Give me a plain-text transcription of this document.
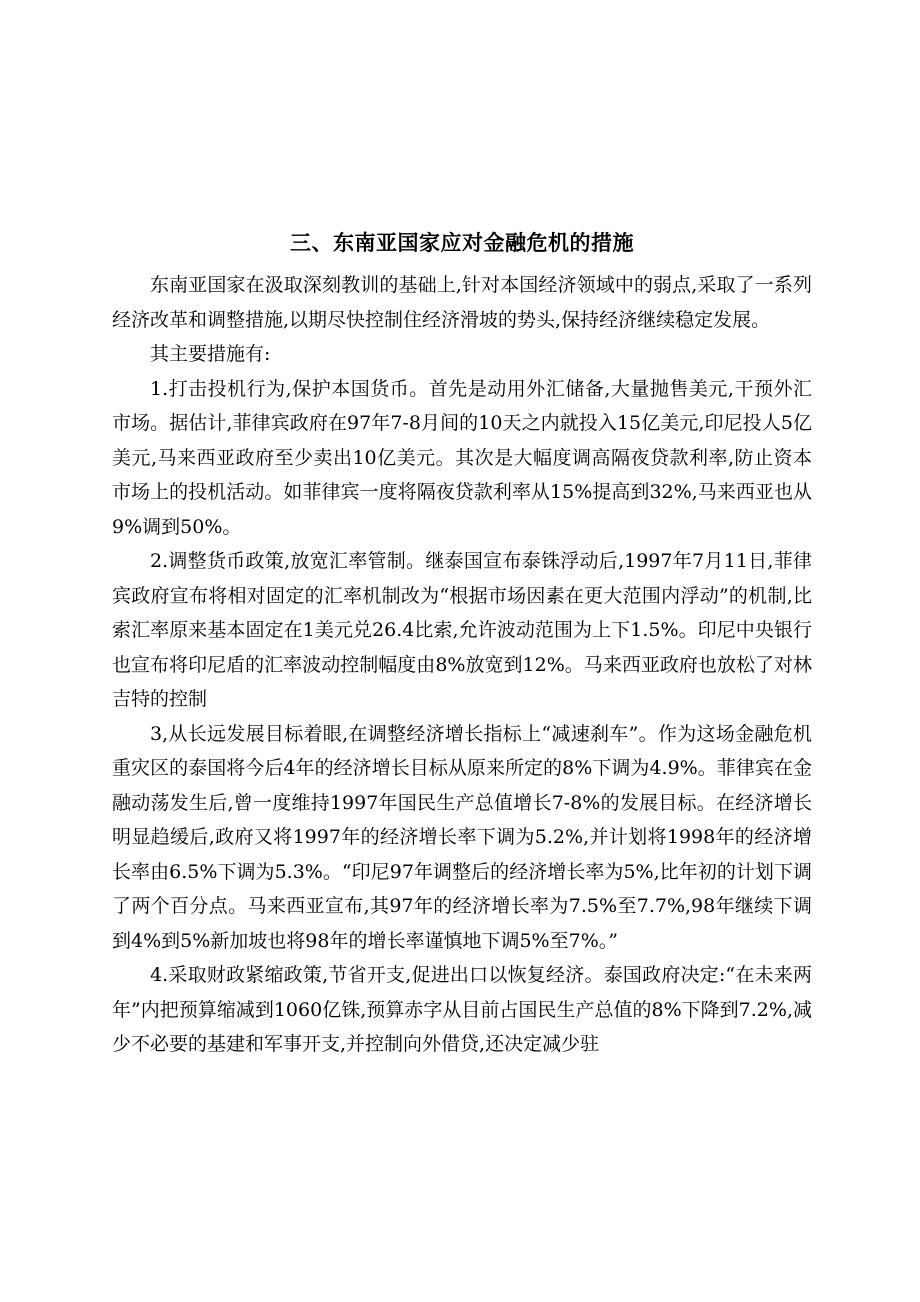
三、东南亚国家应对金融危机的措施

东南亚国家在汲取深刻教训的基础上,针对本国经济领域中的弱点,采取了一系列经济改革和调整措施,以期尽快控制住经济滑坡的势头,保持经济继续稳定发展。

其主要措施有:

1.打击投机行为,保护本国货币。首先是动用外汇储备,大量抛售美元,干预外汇市场。据估计,菲律宾政府在97年7-8月间的10天之内就投入15亿美元,印尼投人5亿美元,马来西亚政府至少卖出10亿美元。其次是大幅度调高隔夜贷款利率,防止资本市场上的投机活动。如菲律宾一度将隔夜贷款利率从15%提高到32%,马来西亚也从9%调到50%。

2.调整货币政策,放宽汇率管制。继泰国宣布泰铢浮动后,1997年7月11日,菲律宾政府宣布将相对固定的汇率机制改为“根据市场因素在更大范围内浮动”的机制,比索汇率原来基本固定在1美元兑26.4比索,允许波动范围为上下1.5%。印尼中央银行也宣布将印尼盾的汇率波动控制幅度由8%放宽到12%。马来西亚政府也放松了对林吉特的控制

3,从长远发展目标着眼,在调整经济增长指标上“减速刹车”。作为这场金融危机重灾区的泰国将今后4年的经济增长目标从原来所定的8%下调为4.9%。菲律宾在金融动荡发生后,曾一度维持1997年国民生产总值增长7-8%的发展目标。在经济增长明显趋缓后,政府又将1997年的经济增长率下调为5.2%,并计划将1998年的经济增长率由6.5%下调为5.3%。“印尼97年调整后的经济增长率为5%,比年初的计划下调了两个百分点。马来西亚宣布,其97年的经济增长率为7.5%至7.7%,98年继续下调到4%到5%新加坡也将98年的增长率谨慎地下调5%至7%。”

4.采取财政紧缩政策,节省开支,促进出口以恢复经济。泰国政府决定:“在未来两年”内把预算缩减到1060亿铢,预算赤字从目前占国民生产总值的8%下降到7.2%,减少不必要的基建和军事开支,并控制向外借贷,还决定减少驻
